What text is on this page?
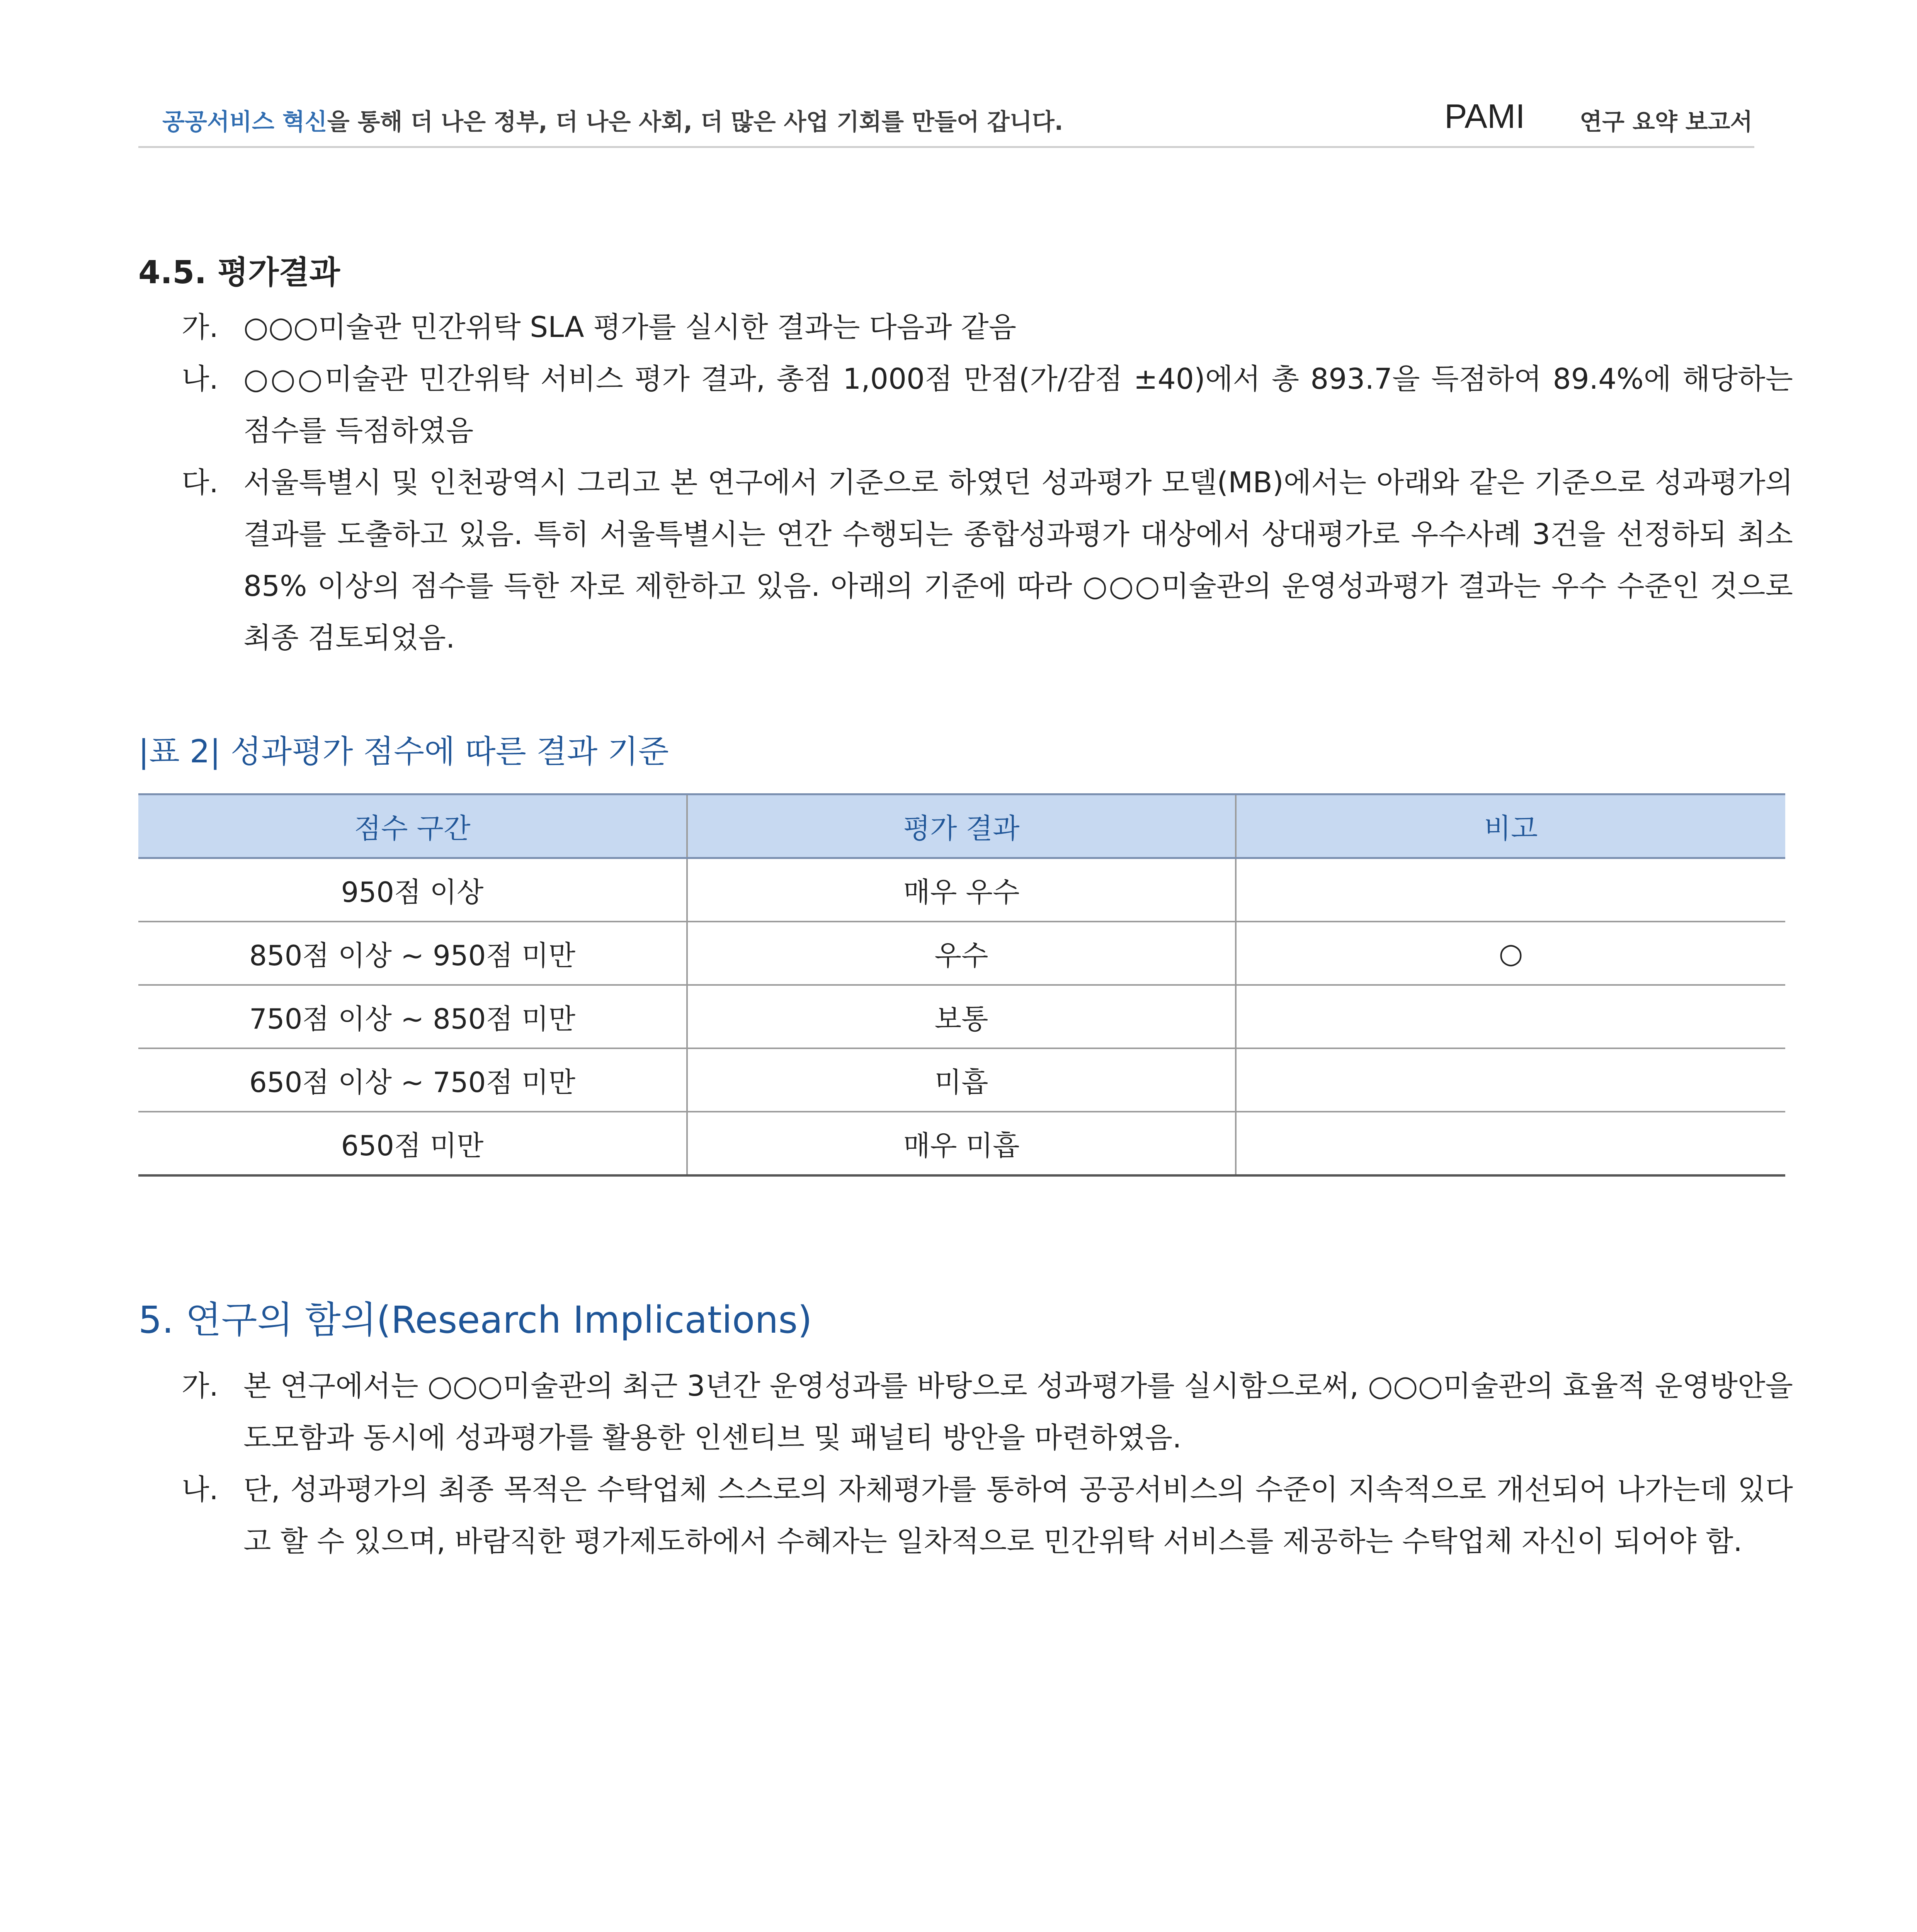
공공서비스 혁신을 통해 더 나은 정부, 더 나은 사회, 더 많은 사업 기회를 만들어 갑니다.	PAMI 연구 요약 보고서
4.5. 평가결과
가. ○○○미술관 민간위탁 SLA 평가를 실시한 결과는 다음과 같음
나. ○○○미술관 민간위탁 서비스 평가 결과, 총점 1,000점 만점(가/감점 ±40)에서 총 893.7을 득점하여 89.4%에 해당하는 점수를 득점하였음
다. 서울특별시 및 인천광역시 그리고 본 연구에서 기준으로 하였던 성과평가 모델(MB)에서는 아래와 같은 기준으로 성과평가의 결과를 도출하고 있음. 특히 서울특별시는 연간 수행되는 종합성과평가 대상에서 상대평가로 우수사례 3건을 선정하되 최소 85% 이상의 점수를 득한 자로 제한하고 있음. 아래의 기준에 따라 ○○○미술관의 운영성과평가 결과는 우수 수준인 것으로 최종 검토되었음.
|표 2| 성과평가 점수에 따른 결과 기준
점수 구간	평가 결과	비고
950점 이상	매우 우수	
850점 이상 ~ 950점 미만	우수	○
750점 이상 ~ 850점 미만	보통	
650점 이상 ~ 750점 미만	미흡	
650점 미만	매우 미흡	
5. 연구의 함의(Research Implications)
가. 본 연구에서는 ○○○미술관의 최근 3년간 운영성과를 바탕으로 성과평가를 실시함으로써, ○○○미술관의 효율적 운영방안을 도모함과 동시에 성과평가를 활용한 인센티브 및 패널티 방안을 마련하였음.
나. 단, 성과평가의 최종 목적은 수탁업체 스스로의 자체평가를 통하여 공공서비스의 수준이 지속적으로 개선되어 나가는데 있다고 할 수 있으며, 바람직한 평가제도하에서 수혜자는 일차적으로 민간위탁 서비스를 제공하는 수탁업체 자신이 되어야 함.
